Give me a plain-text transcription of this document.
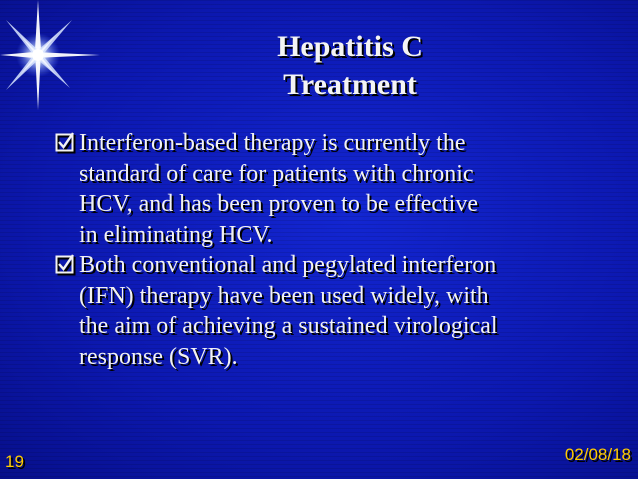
Hepatitis C
Treatment
Interferon-based therapy is currently the
standard of care for patients with chronic
HCV, and has been proven to be effective
in eliminating HCV.
Both conventional and pegylated interferon
(IFN) therapy have been used widely, with
the aim of achieving a sustained virological
response (SVR).
02/08/18
19
